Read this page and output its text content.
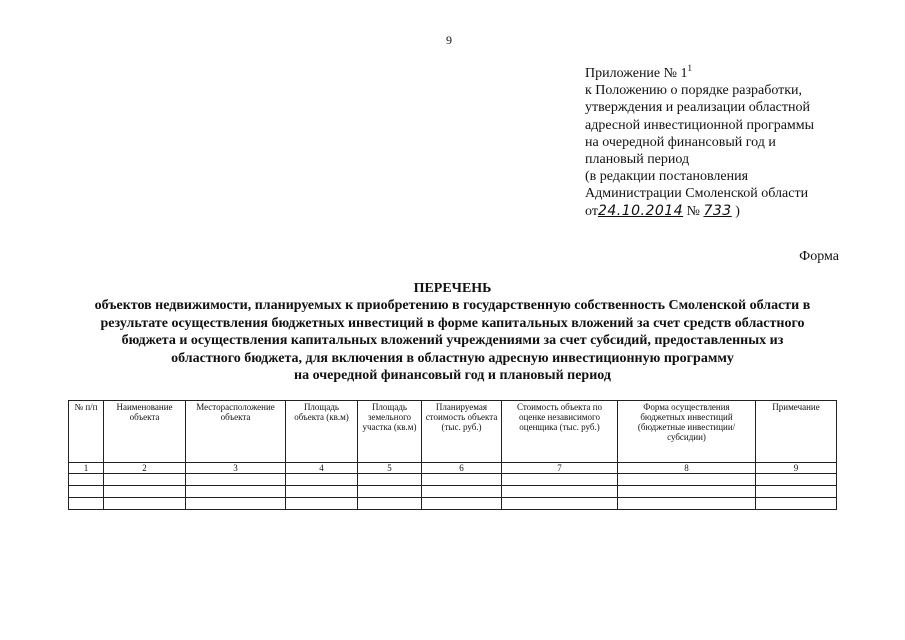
9
Приложение № $1^1$
к Положению о порядке разработки,
утверждения и реализации областной
адресной инвестиционной программы
на очередной финансовый год и
плановый период
(в редакции постановления
Администрации Смоленской области
от24.10.2014 № 733 )
Форма
ПЕРЕЧЕНЬ
объектов недвижимости, планируемых к приобретению в государственную собственность Смоленской области в
результате осуществления бюджетных инвестиций в форме капитальных вложений за счет средств областного
бюджета и осуществления капитальных вложений учреждениями за счет субсидий, предоставленных из
областного бюджета, для включения в областную адресную инвестиционную программу
на очередной финансовый год и плановый период
№ п/п	Наименование объекта	Месторасположение объекта	Площадь объекта (кв.м)	Площадь земельного участка (кв.м)	Планируемая стоимость объекта (тыс. руб.)	Стоимость объекта по оценке независимого оценщика (тыс. руб.)	Форма осуществления бюджетных инвестиций (бюджетные инвестиции/ субсидии)	Примечание
1	2	3	4	5	6	7	8	9
